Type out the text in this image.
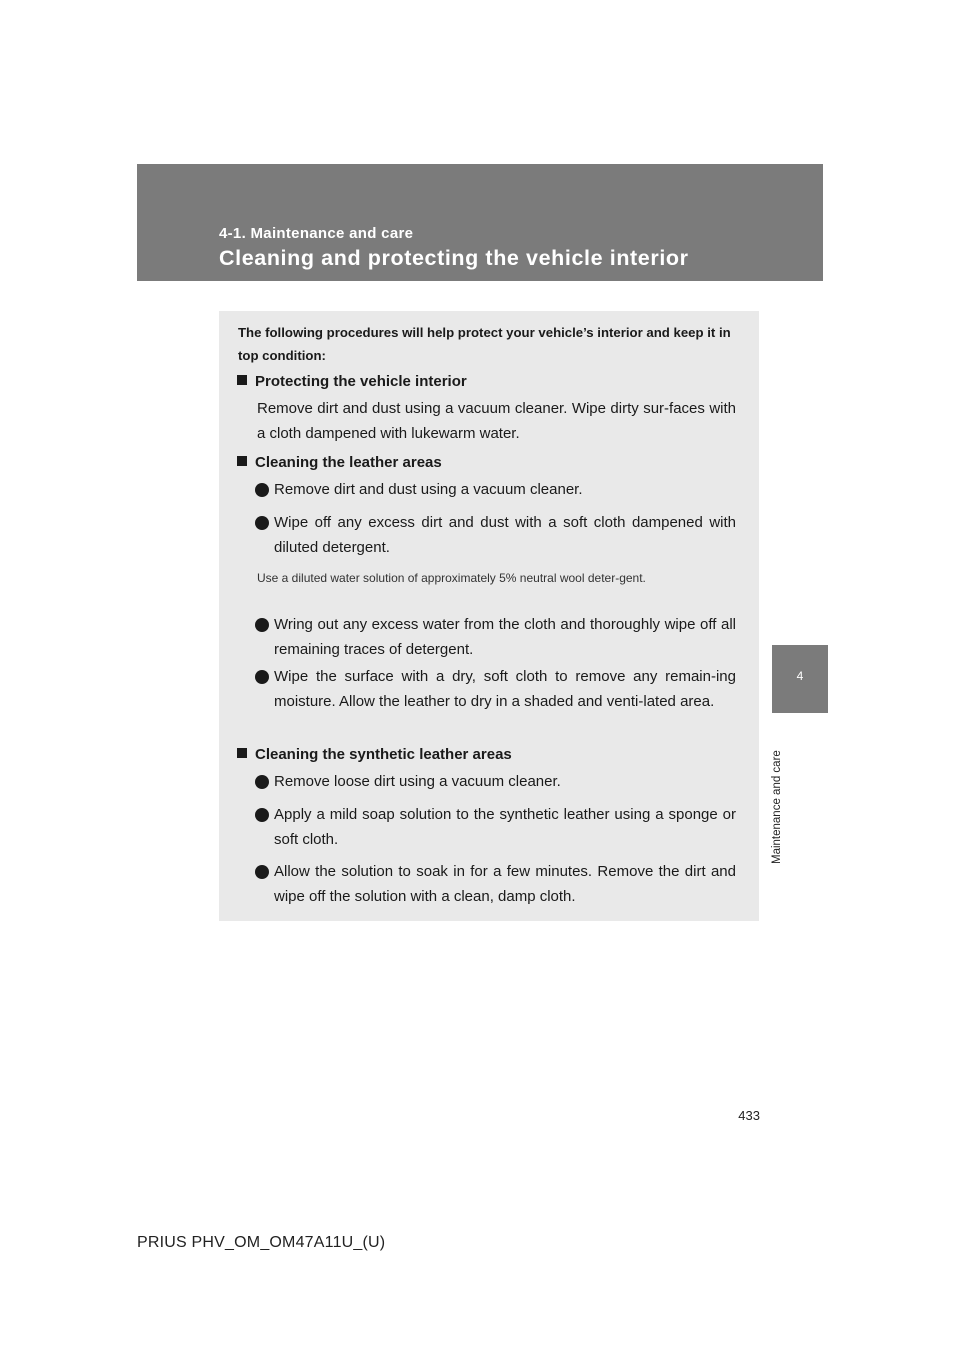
4-1. Maintenance and care
Cleaning and protecting the vehicle interior
4
Maintenance and care
The following procedures will help protect your vehicle’s interior and keep it in top condition:
Protecting the vehicle interior
Remove dirt and dust using a vacuum cleaner. Wipe dirty sur-faces with a cloth dampened with lukewarm water.
Cleaning the leather areas
Remove dirt and dust using a vacuum cleaner.
Wipe off any excess dirt and dust with a soft cloth dampened with diluted detergent.
Use a diluted water solution of approximately 5% neutral wool deter-gent.
Wring out any excess water from the cloth and thoroughly wipe off all remaining traces of detergent.
Wipe the surface with a dry, soft cloth to remove any remain-ing moisture. Allow the leather to dry in a shaded and venti-lated area.
Cleaning the synthetic leather areas
Remove loose dirt using a vacuum cleaner.
Apply a mild soap solution to the synthetic leather using a sponge or soft cloth.
Allow the solution to soak in for a few minutes. Remove the dirt and wipe off the solution with a clean, damp cloth.
433
PRIUS PHV_OM_OM47A11U_(U)
